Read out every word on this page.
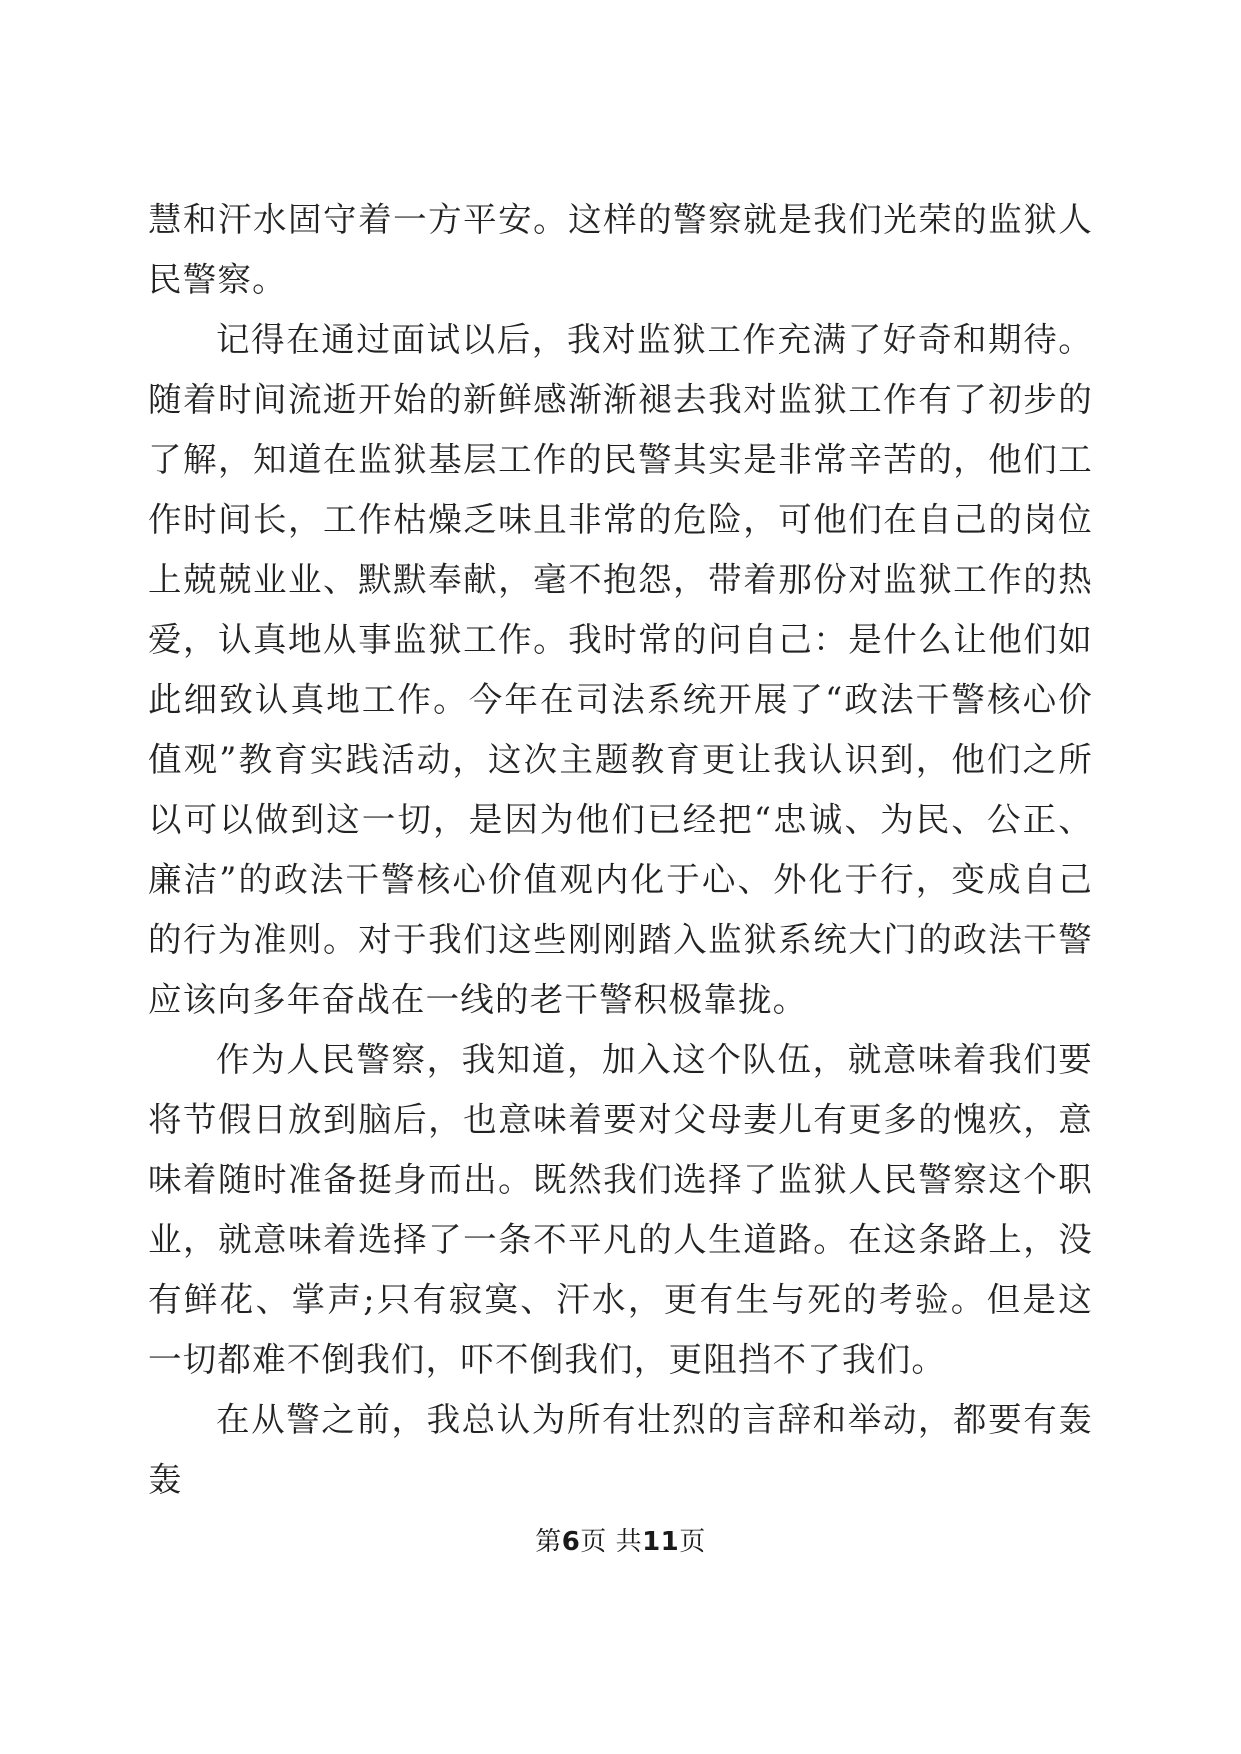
慧和汗水固守着一方平安。这样的警察就是我们光荣的监狱人民警察。

记得在通过面试以后，我对监狱工作充满了好奇和期待。随着时间流逝开始的新鲜感渐渐褪去我对监狱工作有了初步的了解，知道在监狱基层工作的民警其实是非常辛苦的，他们工作时间长，工作枯燥乏味且非常的危险，可他们在自己的岗位上兢兢业业、默默奉献，毫不抱怨，带着那份对监狱工作的热爱，认真地从事监狱工作。我时常的问自己：是什么让他们如此细致认真地工作。今年在司法系统开展了“政法干警核心价值观”教育实践活动，这次主题教育更让我认识到，他们之所以可以做到这一切，是因为他们已经把“忠诚、为民、公正、廉洁”的政法干警核心价值观内化于心、外化于行，变成自己的行为准则。对于我们这些刚刚踏入监狱系统大门的政法干警应该向多年奋战在一线的老干警积极靠拢。

作为人民警察，我知道，加入这个队伍，就意味着我们要将节假日放到脑后，也意味着要对父母妻儿有更多的愧疚，意味着随时准备挺身而出。既然我们选择了监狱人民警察这个职业，就意味着选择了一条不平凡的人生道路。在这条路上，没有鲜花、掌声;只有寂寞、汗水，更有生与死的考验。但是这一切都难不倒我们，吓不倒我们，更阻挡不了我们。

在从警之前，我总认为所有壮烈的言辞和举动，都要有轰轰

第6页 共11页
